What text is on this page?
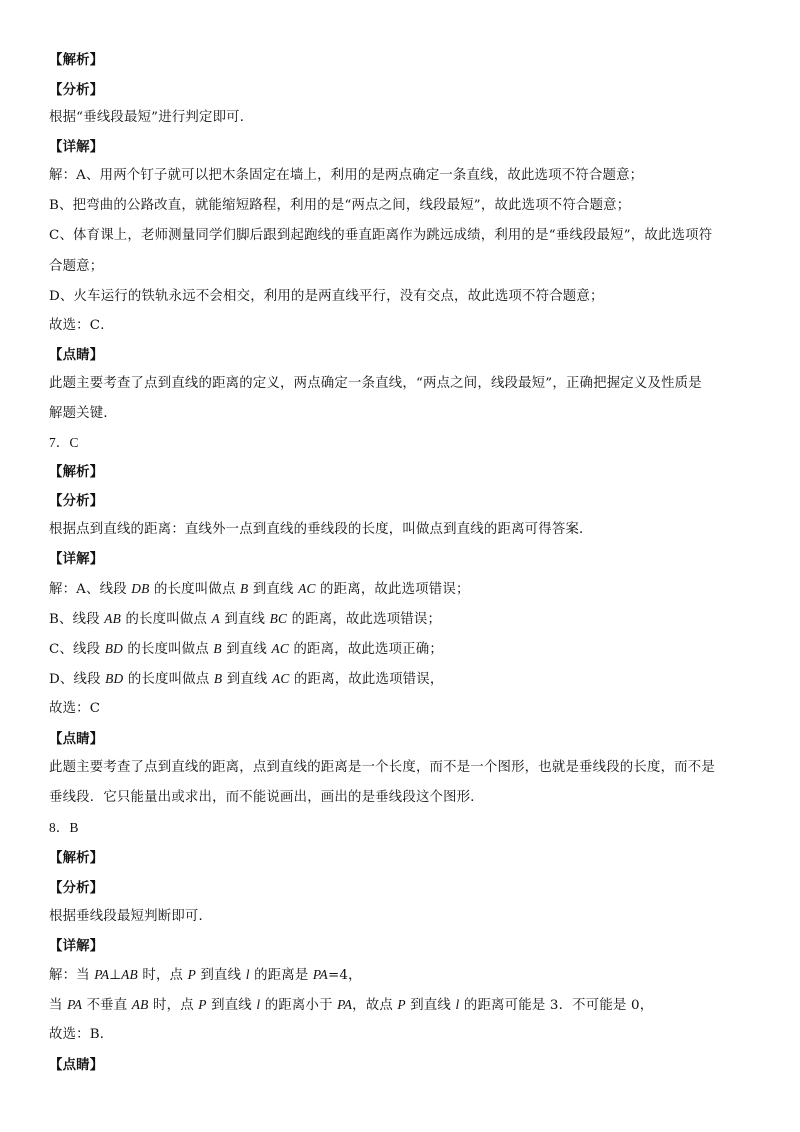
【解析】
【分析】
根据“垂线段最短”进行判定即可．
【详解】
解：A、用两个钉子就可以把木条固定在墙上，利用的是两点确定一条直线，故此选项不符合题意；
B、把弯曲的公路改直，就能缩短路程，利用的是“两点之间，线段最短”，故此选项不符合题意；
C、体育课上，老师测量同学们脚后跟到起跑线的垂直距离作为跳远成绩，利用的是“垂线段最短”，故此选项符
合题意；
D、火车运行的铁轨永远不会相交，利用的是两直线平行，没有交点，故此选项不符合题意；
故选：C．
【点睛】
此题主要考查了点到直线的距离的定义，两点确定一条直线，“两点之间，线段最短”，正确把握定义及性质是
解题关键．
7．C
【解析】
【分析】
根据点到直线的距离：直线外一点到直线的垂线段的长度，叫做点到直线的距离可得答案．
【详解】
解：A、线段 DB 的长度叫做点 B 到直线 AC 的距离，故此选项错误；
B、线段 AB 的长度叫做点 A 到直线 BC 的距离，故此选项错误；
C、线段 BD 的长度叫做点 B 到直线 AC 的距离，故此选项正确；
D、线段 BD 的长度叫做点 B 到直线 AC 的距离，故此选项错误，
故选：C
【点睛】
此题主要考查了点到直线的距离，点到直线的距离是一个长度，而不是一个图形，也就是垂线段的长度，而不是
垂线段．它只能量出或求出，而不能说画出，画出的是垂线段这个图形．
8．B
【解析】
【分析】
根据垂线段最短判断即可．
【详解】
解：当 PA⊥AB 时，点 P 到直线 l 的距离是 PA=4，
当 PA 不垂直 AB 时，点 P 到直线 l 的距离小于 PA，故点 P 到直线 l 的距离可能是 3．不可能是 0，
故选：B．
【点睛】
